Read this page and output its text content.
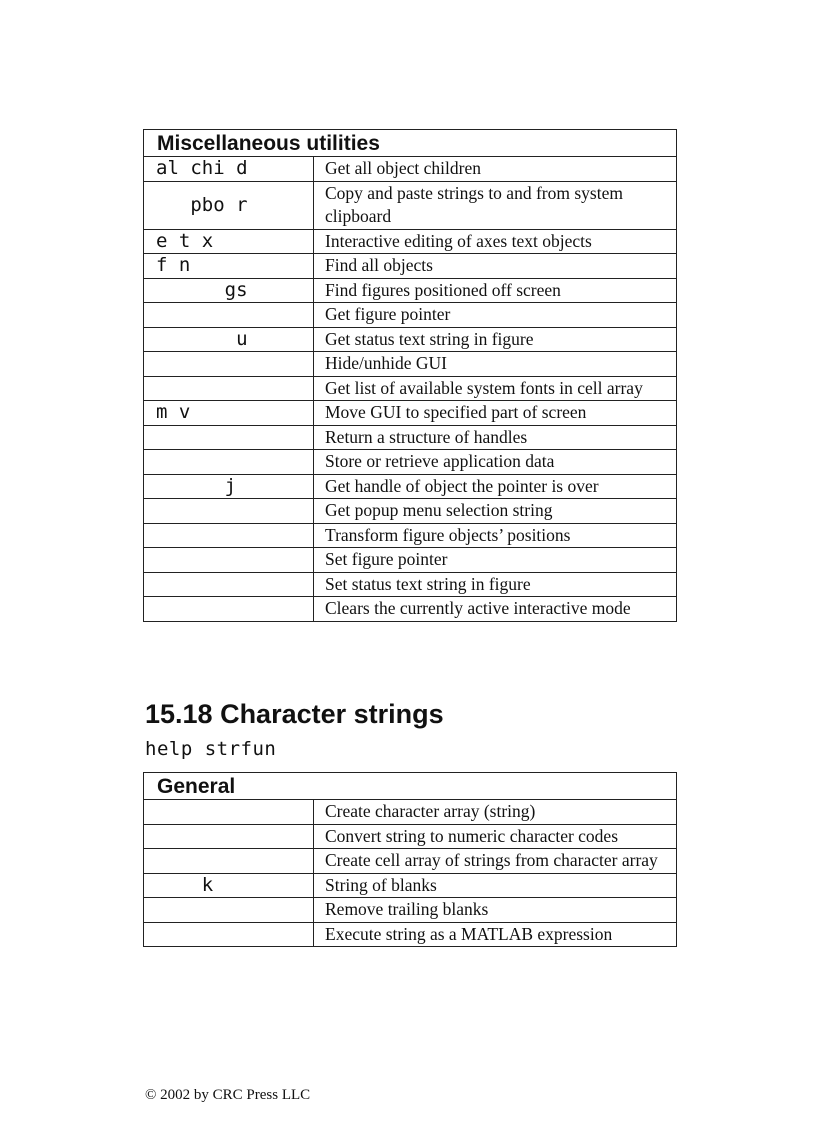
Miscellaneous utilities	
al chi d	Get all object children
pbo r	Copy and paste strings to and from system clipboard
e t x	Interactive editing of axes text objects
f n	Find all objects
gs	Find figures positioned off screen
	Get figure pointer
u	Get status text string in figure
	Hide/unhide GUI
	Get list of available system fonts in cell array
m v	Move GUI to specified part of screen
	Return a structure of handles
	Store or retrieve application data
j	Get handle of object the pointer is over
	Get popup menu selection string
	Transform figure objects’ positions
	Set figure pointer
	Set status text string in figure
	Clears the currently active interactive mode
15.18 Character strings

help strfun

General	
	Create character array (string)
	Convert string to numeric character codes
	Create cell array of strings from character array
k	String of blanks
	Remove trailing blanks
	Execute string as a MATLAB expression

© 2002 by CRC Press LLC
